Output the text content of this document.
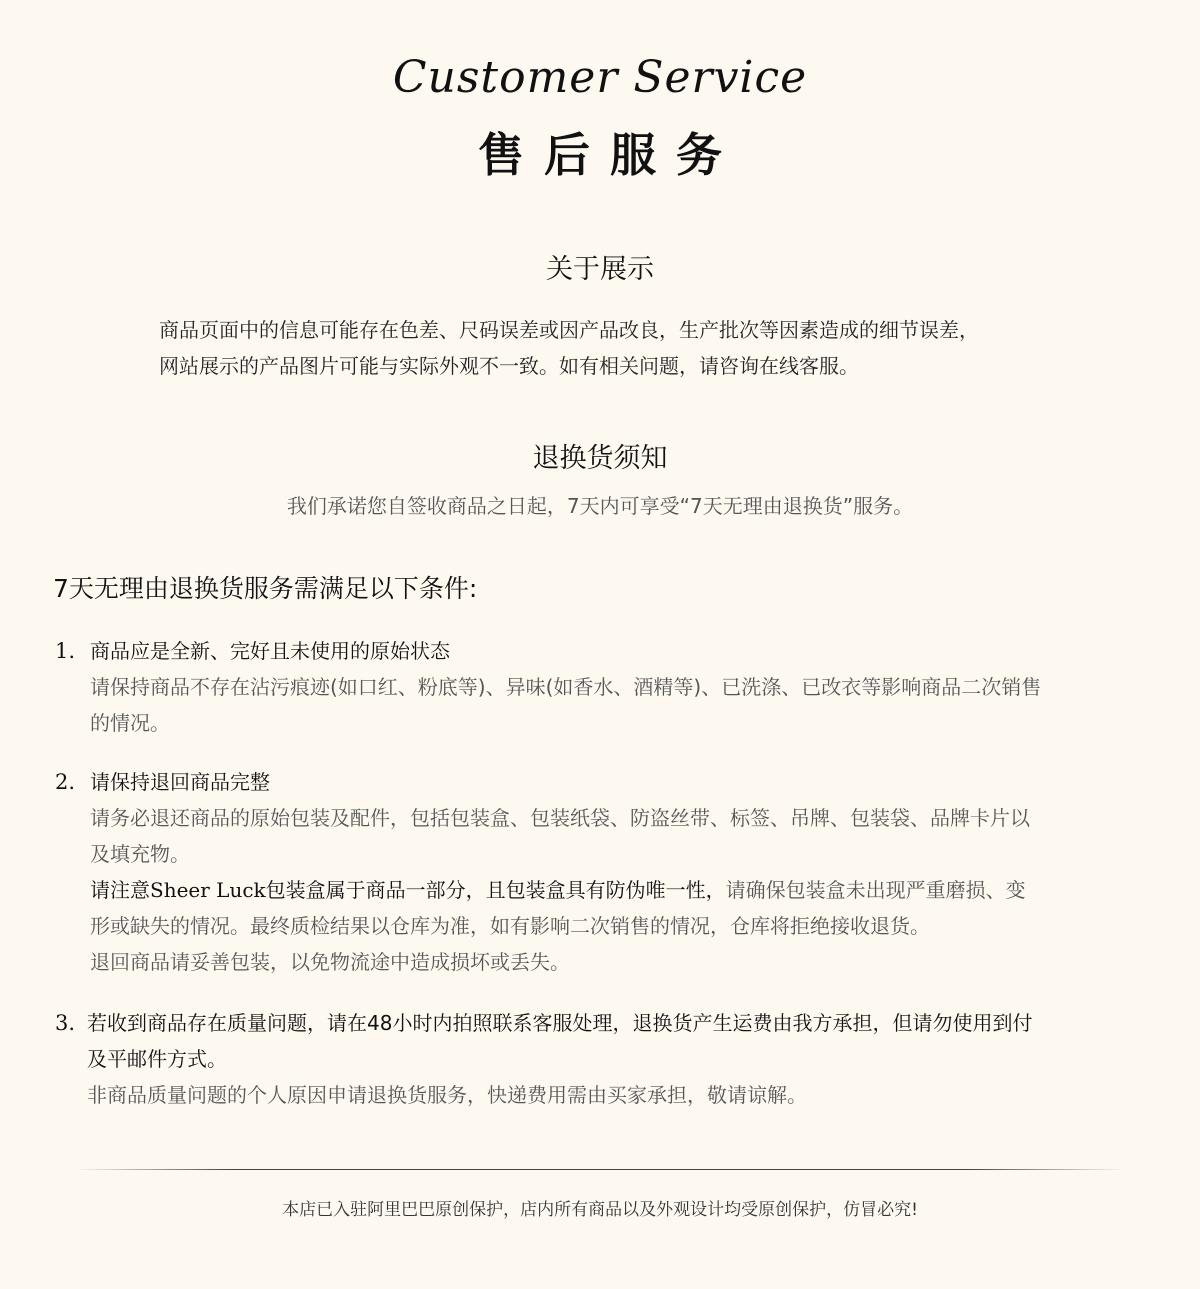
Customer Service
售后服务
关于展示
商品页面中的信息可能存在色差、尺码误差或因产品改良，生产批次等因素造成的细节误差，
网站展示的产品图片可能与实际外观不一致。如有相关问题，请咨询在线客服。
退换货须知
我们承诺您自签收商品之日起，7天内可享受“7天无理由退换货”服务。
7天无理由退换货服务需满足以下条件:
1. 商品应是全新、完好且未使用的原始状态
请保持商品不存在沾污痕迹(如口红、粉底等)、异味(如香水、酒精等)、已洗涤、已改衣等影响商品二次销售
的情况。
2. 请保持退回商品完整
请务必退还商品的原始包装及配件，包括包装盒、包装纸袋、防盗丝带、标签、吊牌、包装袋、品牌卡片以
及填充物。
请注意Sheer Luck包装盒属于商品一部分，且包装盒具有防伪唯一性，请确保包装盒未出现严重磨损、变
形或缺失的情况。最终质检结果以仓库为准，如有影响二次销售的情况，仓库将拒绝接收退货。
退回商品请妥善包装，以免物流途中造成损坏或丢失。
3. 若收到商品存在质量问题，请在48小时内拍照联系客服处理，退换货产生运费由我方承担，但请勿使用到付
及平邮件方式。
非商品质量问题的个人原因申请退换货服务，快递费用需由买家承担，敬请谅解。
本店已入驻阿里巴巴原创保护，店内所有商品以及外观设计均受原创保护，仿冒必究!
